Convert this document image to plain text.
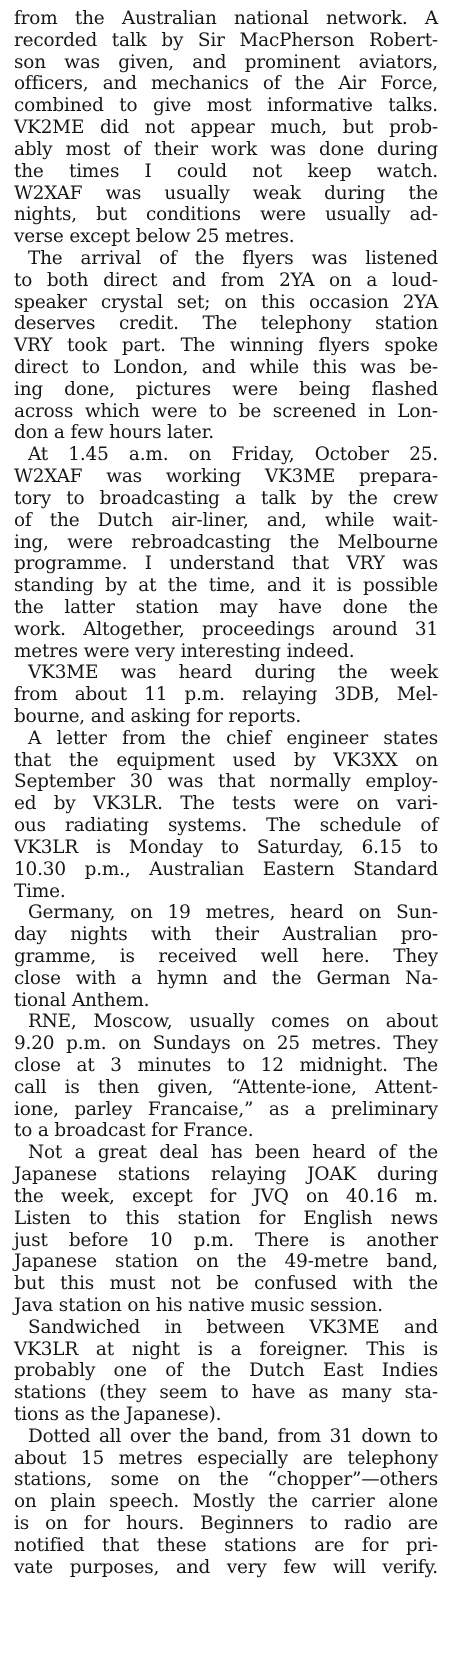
from the Australian national network. A
recorded talk by Sir MacPherson Robert-
son was given, and prominent aviators,
officers, and mechanics of the Air Force,
combined to give most informative talks.
VK2ME did not appear much, but prob-
ably most of their work was done during
the times I could not keep watch.
W2XAF was usually weak during the
nights, but conditions were usually ad-
verse except below 25 metres.

The arrival of the flyers was listened
to both direct and from 2YA on a loud-
speaker crystal set; on this occasion 2YA
deserves credit. The telephony station
VRY took part. The winning flyers spoke
direct to London, and while this was be-
ing done, pictures were being flashed
across which were to be screened in Lon-
don a few hours later.

At 1.45 a.m. on Friday, October 25.
W2XAF was working VK3ME prepara-
tory to broadcasting a talk by the crew
of the Dutch air-liner, and, while wait-
ing, were rebroadcasting the Melbourne
programme. I understand that VRY was
standing by at the time, and it is possible
the latter station may have done the
work. Altogether, proceedings around 31
metres were very interesting indeed.

VK3ME was heard during the week
from about 11 p.m. relaying 3DB, Mel-
bourne, and asking for reports.

A letter from the chief engineer states
that the equipment used by VK3XX on
September 30 was that normally employ-
ed by VK3LR. The tests were on vari-
ous radiating systems. The schedule of
VK3LR is Monday to Saturday, 6.15 to
10.30 p.m., Australian Eastern Standard
Time.

Germany, on 19 metres, heard on Sun-
day nights with their Australian pro-
gramme, is received well here. They
close with a hymn and the German Na-
tional Anthem.

RNE, Moscow, usually comes on about
9.20 p.m. on Sundays on 25 metres. They
close at 3 minutes to 12 midnight. The
call is then given, “Attente-ione, Attent-
ione, parley Francaise,” as a preliminary
to a broadcast for France.

Not a great deal has been heard of the
Japanese stations relaying JOAK during
the week, except for JVQ on 40.16 m.
Listen to this station for English news
just before 10 p.m. There is another
Japanese station on the 49-metre band,
but this must not be confused with the
Java station on his native music session.

Sandwiched in between VK3ME and
VK3LR at night is a foreigner. This is
probably one of the Dutch East Indies
stations (they seem to have as many sta-
tions as the Japanese).

Dotted all over the band, from 31 down to
about 15 metres especially are telephony
stations, some on the “chopper”—others
on plain speech. Mostly the carrier alone
is on for hours. Beginners to radio are
notified that these stations are for pri-
vate purposes, and very few will verify.
